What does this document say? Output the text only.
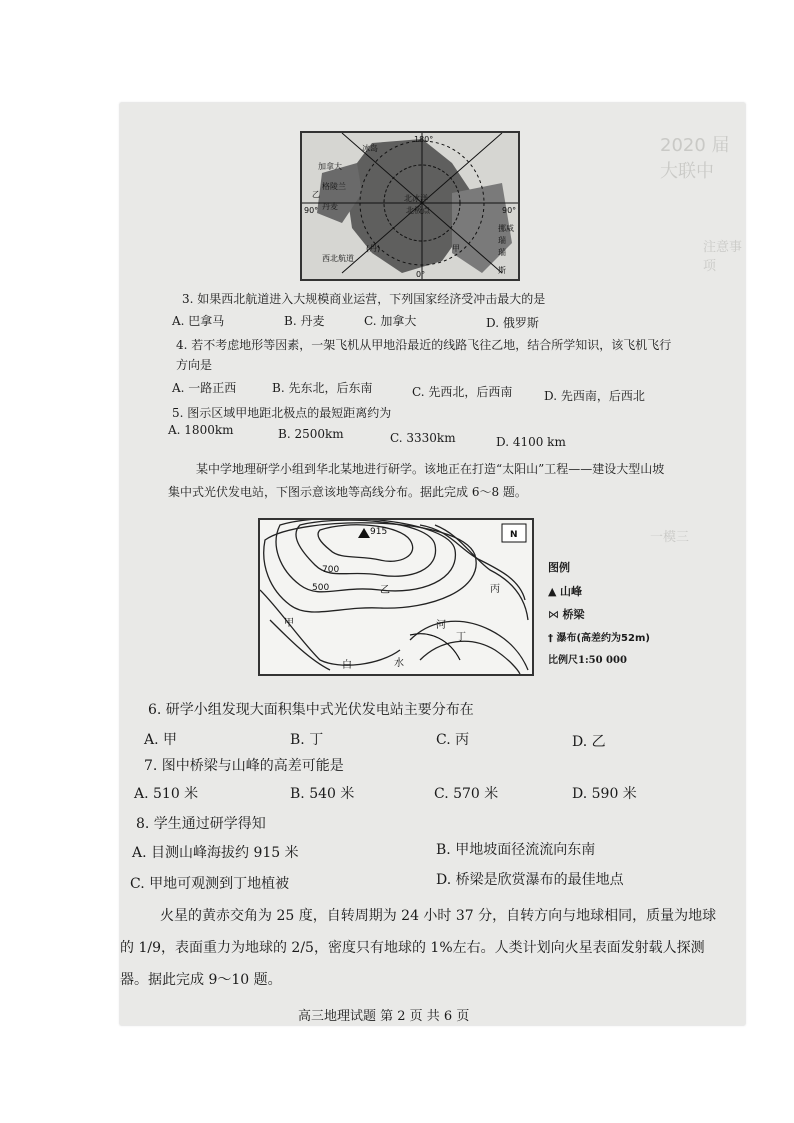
2020 届大联中
一模三
注意事项
180°
加拿大
冰岛
格陵兰
丹麦
乙	北冰洋
北极点
90°	90°
甲
0°
西北航道
(丹)
挪威
瑞
瑞
斯
3. 如果西北航道进入大规模商业运营，下列国家经济受冲击最大的是
A. 巴拿马	B. 丹麦	C. 加拿大	D. 俄罗斯
4. 若不考虑地形等因素，一架飞机从甲地沿最近的线路飞往乙地，结合所学知识，该飞机飞行
方向是
A. 一路正西	B. 先东北，后东南	C. 先西北，后西南	D. 先西南，后西北
5. 图示区域甲地距北极点的最短距离约为
A. 1800km	B. 2500km	C. 3330km	D. 4100 km
某中学地理研学小组到华北某地进行研学。该地正在打造“太阳山”工程——建设大型山坡
集中式光伏发电站，下图示意该地等高线分布。据此完成 6～8 题。
915	N
700
500	乙	丙
甲	河
丁
白	水
图例
▲ 山峰
⋈ 桥梁
† 瀑布(高差约为52m)
比例尺1:50 000
6. 研学小组发现大面积集中式光伏发电站主要分布在
A. 甲	B. 丁	C. 丙	D. 乙
7. 图中桥梁与山峰的高差可能是
A. 510 米	B. 540 米	C. 570 米	D. 590 米
8. 学生通过研学得知
A. 目测山峰海拔约 915 米	B. 甲地坡面径流流向东南
C. 甲地可观测到丁地植被	D. 桥梁是欣赏瀑布的最佳地点
火星的黄赤交角为 25 度，自转周期为 24 小时 37 分，自转方向与地球相同，质量为地球
的 1/9，表面重力为地球的 2/5，密度只有地球的 1%左右。人类计划向火星表面发射载人探测
器。据此完成 9～10 题。
高三地理试题 第 2 页 共 6 页
